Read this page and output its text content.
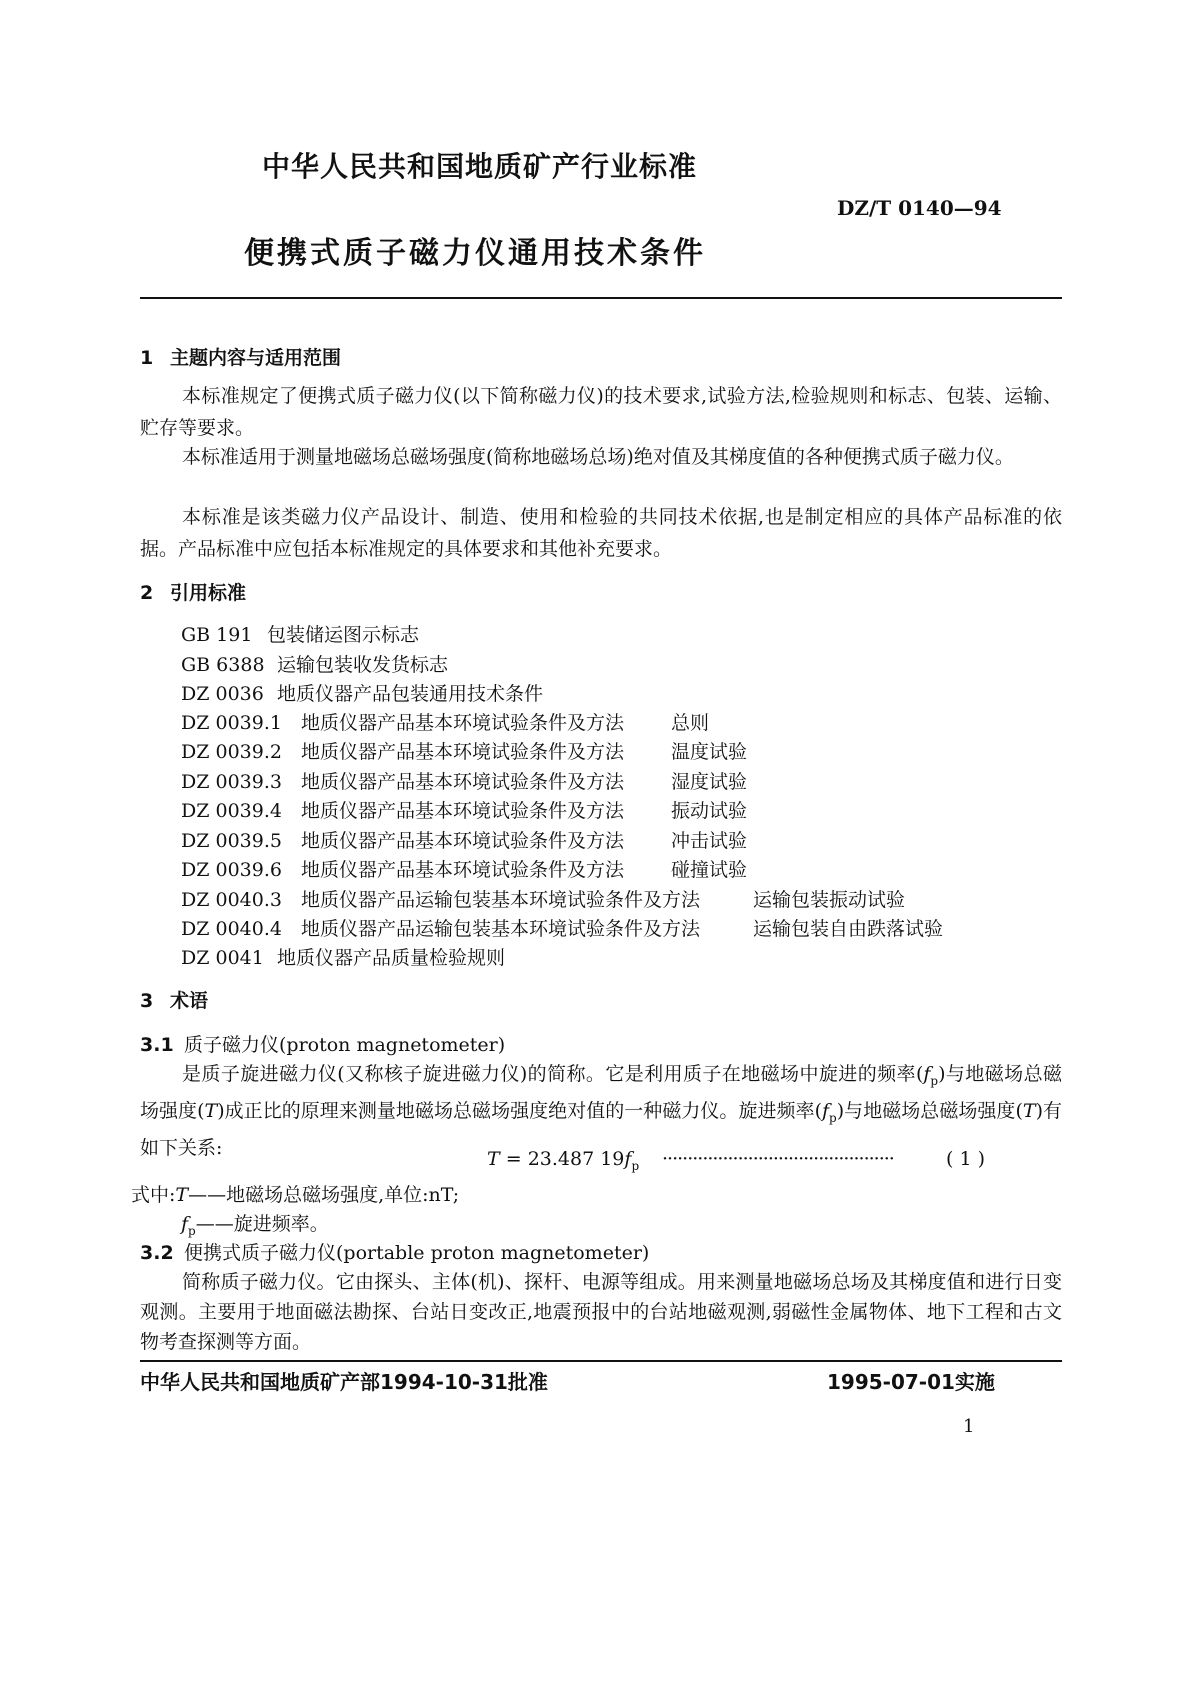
中华人民共和国地质矿产行业标准
DZ/T 0140—94
便携式质子磁力仪通用技术条件
1 主题内容与适用范围
本标准规定了便携式质子磁力仪(以下简称磁力仪)的技术要求,试验方法,检验规则和标志、包装、运输、贮存等要求。
本标准适用于测量地磁场总磁场强度(简称地磁场总场)绝对值及其梯度值的各种便携式质子磁力仪。
本标准是该类磁力仪产品设计、制造、使用和检验的共同技术依据,也是制定相应的具体产品标准的依据。产品标准中应包括本标准规定的具体要求和其他补充要求。
2 引用标准
GB 191 包装储运图示标志
GB 6388 运输包装收发货标志
DZ 0036 地质仪器产品包装通用技术条件
DZ 0039.1 地质仪器产品基本环境试验条件及方法 总则
DZ 0039.2 地质仪器产品基本环境试验条件及方法 温度试验
DZ 0039.3 地质仪器产品基本环境试验条件及方法 湿度试验
DZ 0039.4 地质仪器产品基本环境试验条件及方法 振动试验
DZ 0039.5 地质仪器产品基本环境试验条件及方法 冲击试验
DZ 0039.6 地质仪器产品基本环境试验条件及方法 碰撞试验
DZ 0040.3 地质仪器产品运输包装基本环境试验条件及方法	运输包装振动试验
DZ 0040.4 地质仪器产品运输包装基本环境试验条件及方法	运输包装自由跌落试验
DZ 0041 地质仪器产品质量检验规则
3 术语
3.1 质子磁力仪(proton magnetometer)
是质子旋进磁力仪(又称核子旋进磁力仪)的简称。它是利用质子在地磁场中旋进的频率$(f_p)$与地磁场总磁场强度(T)成正比的原理来测量地磁场总磁场强度绝对值的一种磁力仪。旋进频率$(f_p)$与地磁场总磁场强度(T)有如下关系:
T = 23.487 $19f_p$ ··············································	( 1 )
式中:T——地磁场总磁场强度,单位:nT;
$f_p——$旋进频率。
3.2 便携式质子磁力仪(portable proton magnetometer)
简称质子磁力仪。它由探头、主体(机)、探杆、电源等组成。用来测量地磁场总场及其梯度值和进行日变观测。主要用于地面磁法勘探、台站日变改正,地震预报中的台站地磁观测,弱磁性金属物体、地下工程和古文物考查探测等方面。
中华人民共和国地质矿产部1994-10-31批准	1995-07-01实施
1
